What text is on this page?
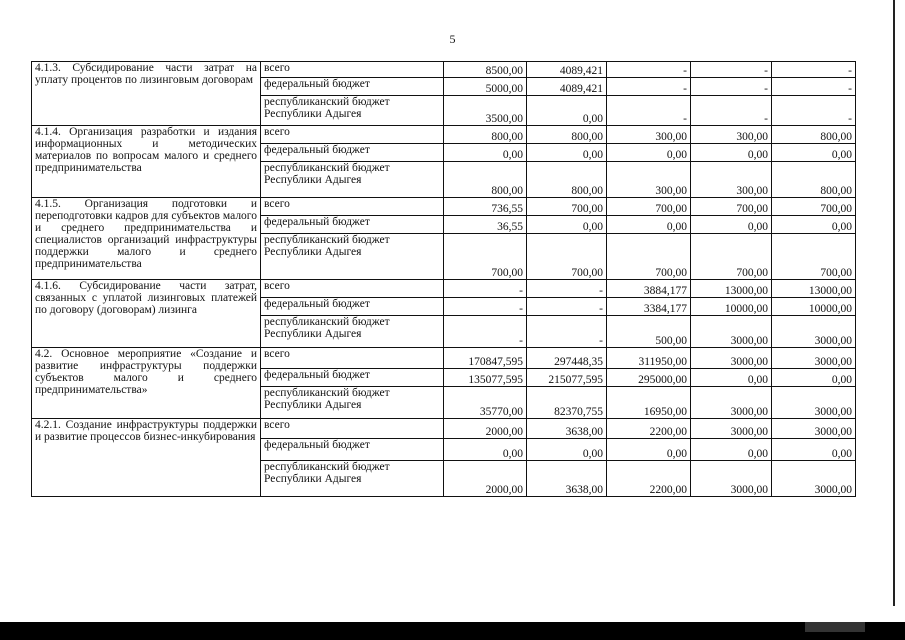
5
4.1.3. Субсидирование части затрат на уплату процентов по лизинговым договорам	всего	8500,00	4089,421	-	-	-
	федеральный бюджет	5000,00	4089,421	-	-	-
	республиканский бюджет Республики Адыгея	3500,00	0,00	-	-	-
4.1.4. Организация разработки и издания информационных и методических материалов по вопросам малого и среднего предпринимательства	всего	800,00	800,00	300,00	300,00	800,00
	федеральный бюджет	0,00	0,00	0,00	0,00	0,00
	республиканский бюджет Республики Адыгея	800,00	800,00	300,00	300,00	800,00
4.1.5. Организация подготовки и переподготовки кадров для субъектов малого и среднего предпринимательства и специалистов организаций инфраструктуры поддержки малого и среднего предпринимательства	всего	736,55	700,00	700,00	700,00	700,00
	федеральный бюджет	36,55	0,00	0,00	0,00	0,00
	республиканский бюджет Республики Адыгея	700,00	700,00	700,00	700,00	700,00
4.1.6. Субсидирование части затрат, связанных с уплатой лизинговых платежей по договору (договорам) лизинга	всего	-	-	3884,177	13000,00	13000,00
	федеральный бюджет	-	-	3384,177	10000,00	10000,00
	республиканский бюджет Республики Адыгея	-	-	500,00	3000,00	3000,00
4.2. Основное мероприятие «Создание и развитие инфраструктуры поддержки субъектов малого и среднего предпринимательства»	всего	170847,595	297448,35	311950,00	3000,00	3000,00
	федеральный бюджет	135077,595	215077,595	295000,00	0,00	0,00
	республиканский бюджет Республики Адыгея	35770,00	82370,755	16950,00	3000,00	3000,00
4.2.1. Создание инфраструктуры поддержки и развитие процессов бизнес-инкубирования	всего	2000,00	3638,00	2200,00	3000,00	3000,00
	федеральный бюджет	0,00	0,00	0,00	0,00	0,00
	республиканский бюджет Республики Адыгея	2000,00	3638,00	2200,00	3000,00	3000,00
